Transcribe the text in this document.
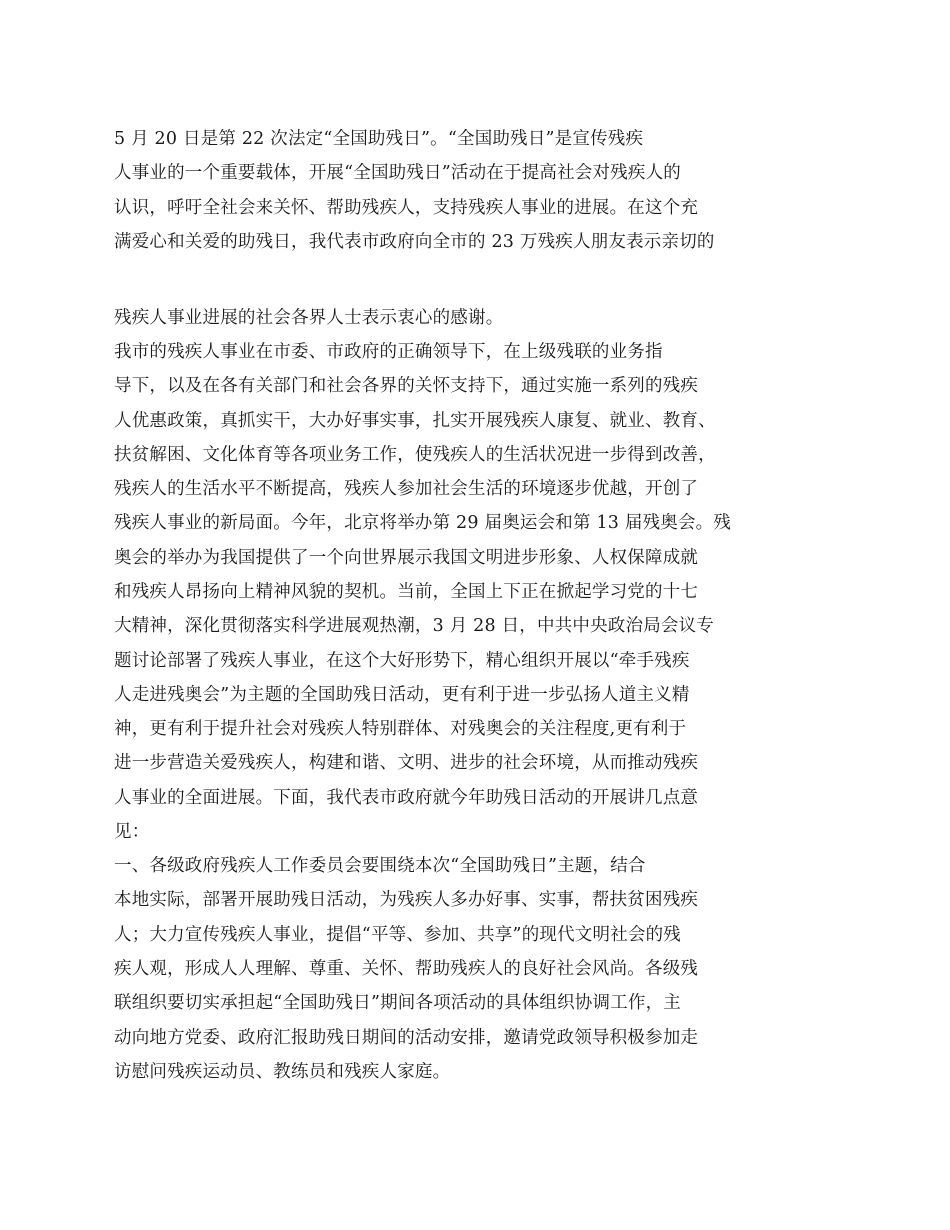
5 月 20 日是第 22 次法定“全国助残日”。“全国助残日”是宣传残疾

人事业的一个重要载体，开展“全国助残日”活动在于提高社会对残疾人的

认识，呼吁全社会来关怀、帮助残疾人，支持残疾人事业的进展。在这个充

满爱心和关爱的助残日，我代表市政府向全市的 23 万残疾人朋友表示亲切的

残疾人事业进展的社会各界人士表示衷心的感谢。

我市的残疾人事业在市委、市政府的正确领导下，在上级残联的业务指

导下，以及在各有关部门和社会各界的关怀支持下，通过实施一系列的残疾

人优惠政策，真抓实干，大办好事实事，扎实开展残疾人康复、就业、教育、

扶贫解困、文化体育等各项业务工作，使残疾人的生活状况进一步得到改善，

残疾人的生活水平不断提高，残疾人参加社会生活的环境逐步优越，开创了

残疾人事业的新局面。今年，北京将举办第 29 届奥运会和第 13 届残奥会。残

奥会的举办为我国提供了一个向世界展示我国文明进步形象、人权保障成就

和残疾人昂扬向上精神风貌的契机。当前，全国上下正在掀起学习党的十七

大精神，深化贯彻落实科学进展观热潮，3 月 28 日，中共中央政治局会议专

题讨论部署了残疾人事业，在这个大好形势下，精心组织开展以“牵手残疾

人走进残奥会”为主题的全国助残日活动，更有利于进一步弘扬人道主义精

神，更有利于提升社会对残疾人特别群体、对残奥会的关注程度,更有利于

进一步营造关爱残疾人，构建和谐、文明、进步的社会环境，从而推动残疾

人事业的全面进展。下面，我代表市政府就今年助残日活动的开展讲几点意

见：

一、各级政府残疾人工作委员会要围绕本次“全国助残日”主题，结合

本地实际，部署开展助残日活动，为残疾人多办好事、实事，帮扶贫困残疾

人；大力宣传残疾人事业，提倡“平等、参加、共享”的现代文明社会的残

疾人观，形成人人理解、尊重、关怀、帮助残疾人的良好社会风尚。各级残

联组织要切实承担起“全国助残日”期间各项活动的具体组织协调工作，主

动向地方党委、政府汇报助残日期间的活动安排，邀请党政领导积极参加走

访慰问残疾运动员、教练员和残疾人家庭。
